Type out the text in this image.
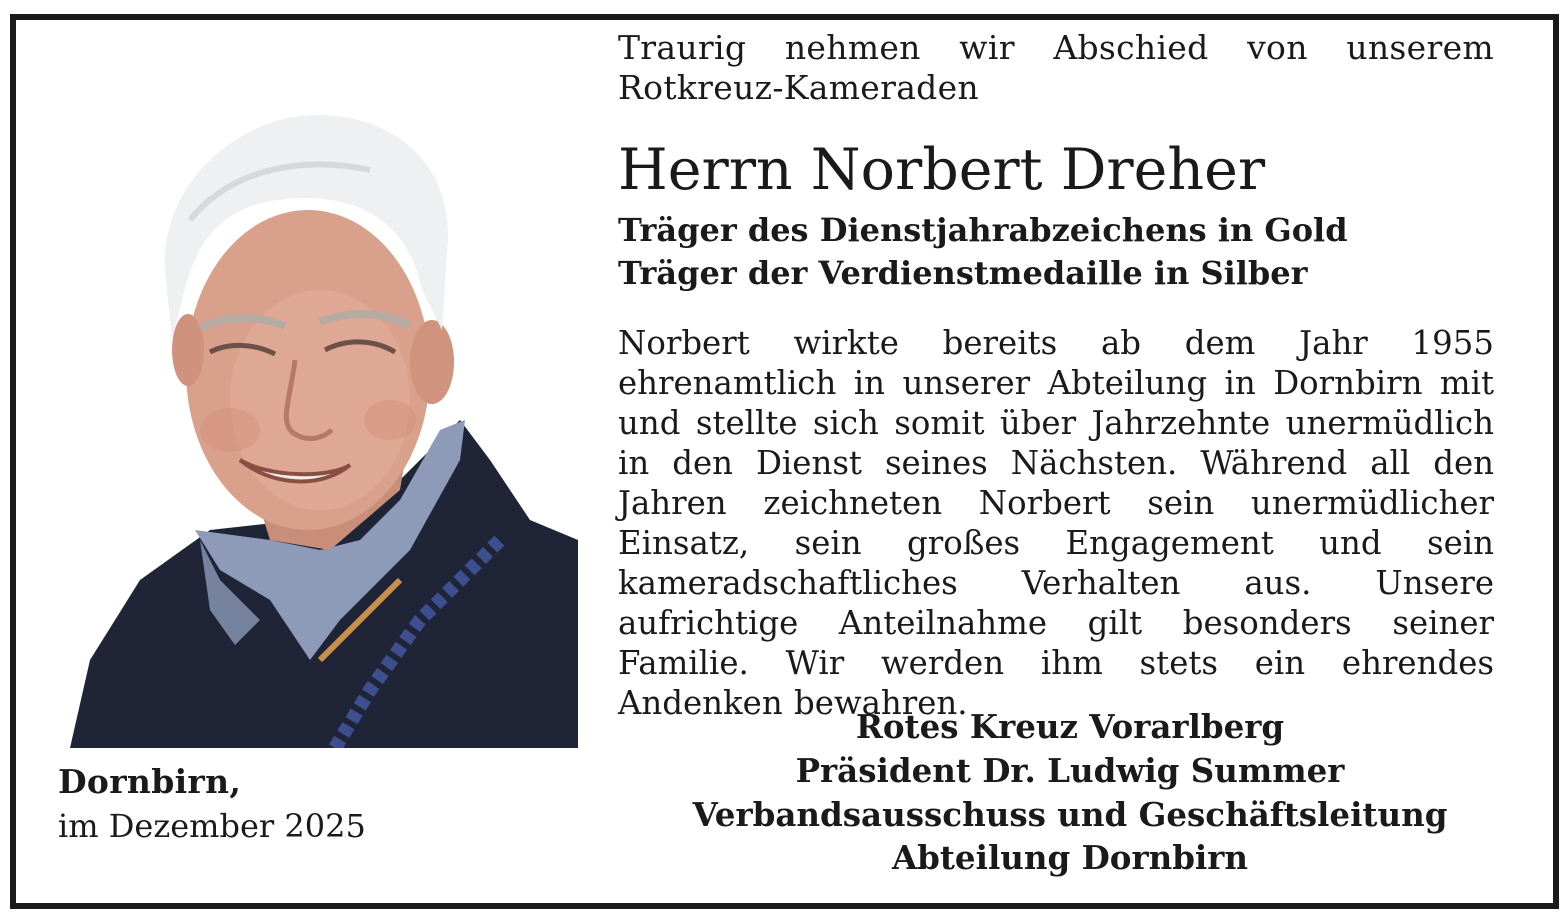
Dornbirn,
im Dezember 2025
Traurig nehmen wir Abschied von unserem Rotkreuz-Kameraden
Herrn Norbert Dreher
Träger des Dienstjahrabzeichens in Gold
Träger der Verdienstmedaille in Silber
Norbert wirkte bereits ab dem Jahr 1955 ehrenamtlich in unserer Abteilung in Dornbirn mit und stellte sich somit über Jahrzehnte unermüdlich in den Dienst seines Nächsten. Während all den Jahren zeichneten Norbert sein unermüdlicher Einsatz, sein großes Engagement und sein kameradschaftliches Verhalten aus. Unsere aufrichtige Anteilnahme gilt besonders seiner Familie. Wir werden ihm stets ein ehrendes Andenken bewahren.
Rotes Kreuz Vorarlberg
Präsident Dr. Ludwig Summer
Verbandsausschuss und Geschäftsleitung
Abteilung Dornbirn
